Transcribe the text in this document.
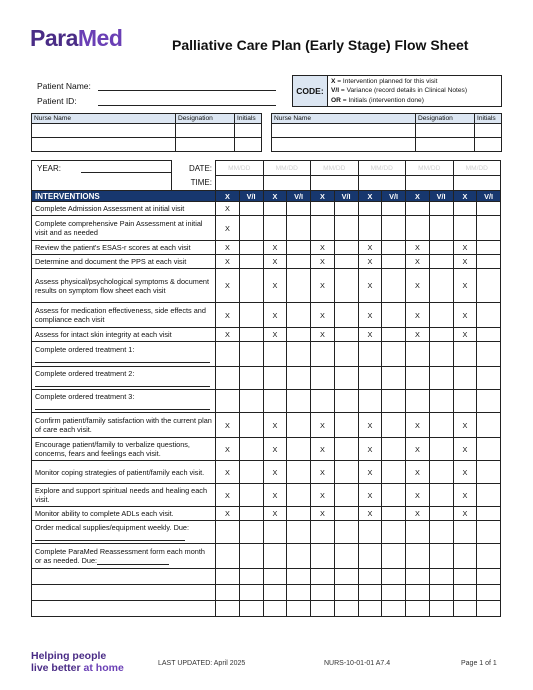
ParaMed	Palliative Care Plan (Early Stage) Flow Sheet
Patient Name:
Patient ID:
CODE:
X = Intervention planned for this visit
V/I = Variance (record details in Clinical Notes)
OR = Initials (intervention done)
Nurse Name	Designation	Initials

			Nurse Name	Designation	Initials

YEAR:	DATE:	MM/DD		MM/DD		MM/DD		MM/DD		MM/DD		MM/DD	
	TIME:												
INTERVENTIONS		X	V/I	X	V/I	X	V/I	X	V/I	X	V/I	X	V/I
Complete Admission Assessment at initial visit		X											
Complete comprehensive Pain Assessment at initial visit and as needed		X											
Review the patient's ESAS-r scores at each visit		X		X		X		X		X		X	
Determine and document the PPS at each visit		X		X		X		X		X		X	
Assess physical/psychological symptoms & document results on symptom flow sheet each visit		X		X		X		X		X		X	
Assess for medication effectiveness, side effects and compliance each visit		X		X		X		X		X		X	
Assess for intact skin integrity at each visit		X		X		X		X		X		X	
Complete ordered treatment 1:	

Complete ordered treatment 2:	

Complete ordered treatment 3:	

Confirm patient/family satisfaction with the current plan of care each visit.		X		X		X		X		X		X	
Encourage patient/family to verbalize questions, concerns, fears and feelings each visit.		X		X		X		X		X		X	
Monitor coping strategies of patient/family each visit.		X		X		X		X		X		X	
Explore and support spiritual needs and healing each visit.		X		X		X		X		X		X	
Monitor ability to complete ADLs each visit.		X		X		X		X		X		X	
Order medical supplies/equipment weekly. Due:													
Complete ParaMed Reassessment form each month or as needed. Due:													

Helping people
live better at home	LAST UPDATED: April 2025	NURS-10-01-01 A7.4	Page 1 of 1
